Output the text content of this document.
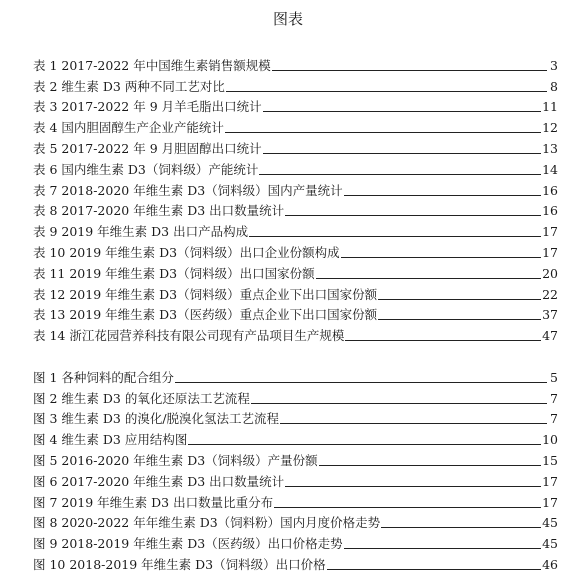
图表
表 1 2017-2022 年中国维生素销售额规模	3
表 2 维生素 D3 两种不同工艺对比	8
表 3 2017-2022 年 9 月羊毛脂出口统计	11
表 4 国内胆固醇生产企业产能统计	12
表 5 2017-2022 年 9 月胆固醇出口统计	13
表 6 国内维生素 D3（饲料级）产能统计	14
表 7 2018-2020 年维生素 D3（饲料级）国内产量统计	16
表 8 2017-2020 年维生素 D3 出口数量统计	16
表 9 2019 年维生素 D3 出口产品构成	17
表 10 2019 年维生素 D3（饲料级）出口企业份额构成	17
表 11 2019 年维生素 D3（饲料级）出口国家份额	20
表 12 2019 年维生素 D3（饲料级）重点企业下出口国家份额	22
表 13 2019 年维生素 D3（医药级）重点企业下出口国家份额	37
表 14 浙江花园营养科技有限公司现有产品项目生产规模	47
图 1 各种饲料的配合组分	5
图 2 维生素 D3 的氧化还原法工艺流程	7
图 3 维生素 D3 的溴化/脱溴化氢法工艺流程	7
图 4 维生素 D3 应用结构图	10
图 5 2016-2020 年维生素 D3（饲料级）产量份额	15
图 6 2017-2020 年维生素 D3 出口数量统计	17
图 7 2019 年维生素 D3 出口数量比重分布	17
图 8 2020-2022 年年维生素 D3（饲料粉）国内月度价格走势	45
图 9 2018-2019 年维生素 D3（医药级）出口价格走势	45
图 10 2018-2019 年维生素 D3（饲料级）出口价格	46
